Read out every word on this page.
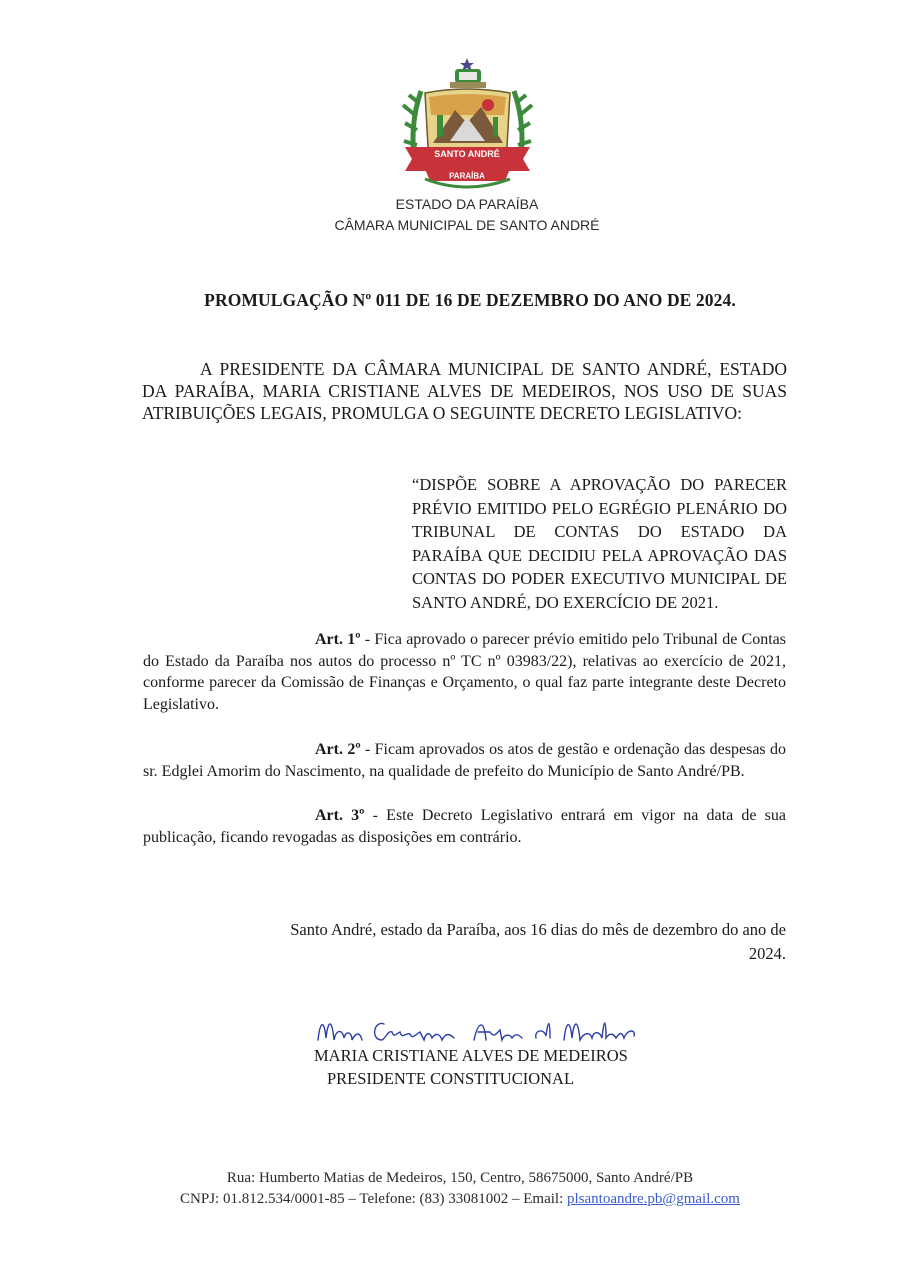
SANTO ANDRÉ
PARAÍBA
ESTADO DA PARAÍBA
CÂMARA MUNICIPAL DE SANTO ANDRÉ
PROMULGAÇÃO Nº 011 DE 16 DE DEZEMBRO DO ANO DE 2024.
A PRESIDENTE DA CÂMARA MUNICIPAL DE SANTO ANDRÉ, ESTADO DA PARAÍBA, MARIA CRISTIANE ALVES DE MEDEIROS, NOS USO DE SUAS ATRIBUIÇÕES LEGAIS, PROMULGA O SEGUINTE DECRETO LEGISLATIVO:
“DISPÕE SOBRE A APROVAÇÃO DO PARECER PRÉVIO EMITIDO PELO EGRÉGIO PLENÁRIO DO TRIBUNAL DE CONTAS DO ESTADO DA PARAÍBA QUE DECIDIU PELA APROVAÇÃO DAS CONTAS DO PODER EXECUTIVO MUNICIPAL DE SANTO ANDRÉ, DO EXERCÍCIO DE 2021.
Art. 1º - Fica aprovado o parecer prévio emitido pelo Tribunal de Contas do Estado da Paraíba nos autos do processo nº TC nº 03983/22), relativas ao exercício de 2021, conforme parecer da Comissão de Finanças e Orçamento, o qual faz parte integrante deste Decreto Legislativo.
Art. 2º - Ficam aprovados os atos de gestão e ordenação das despesas do sr. Edglei Amorim do Nascimento, na qualidade de prefeito do Município de Santo André/PB.
Art. 3º - Este Decreto Legislativo entrará em vigor na data de sua publicação, ficando revogadas as disposições em contrário.
Santo André, estado da Paraíba, aos 16 dias do mês de dezembro do ano de
2024.
MARIA CRISTIANE ALVES DE MEDEIROS
PRESIDENTE CONSTITUCIONAL
Rua: Humberto Matias de Medeiros, 150, Centro, 58675000, Santo André/PB
CNPJ: 01.812.534/0001-85 – Telefone: (83) 33081002 – Email: plsantoandre.pb@gmail.com
